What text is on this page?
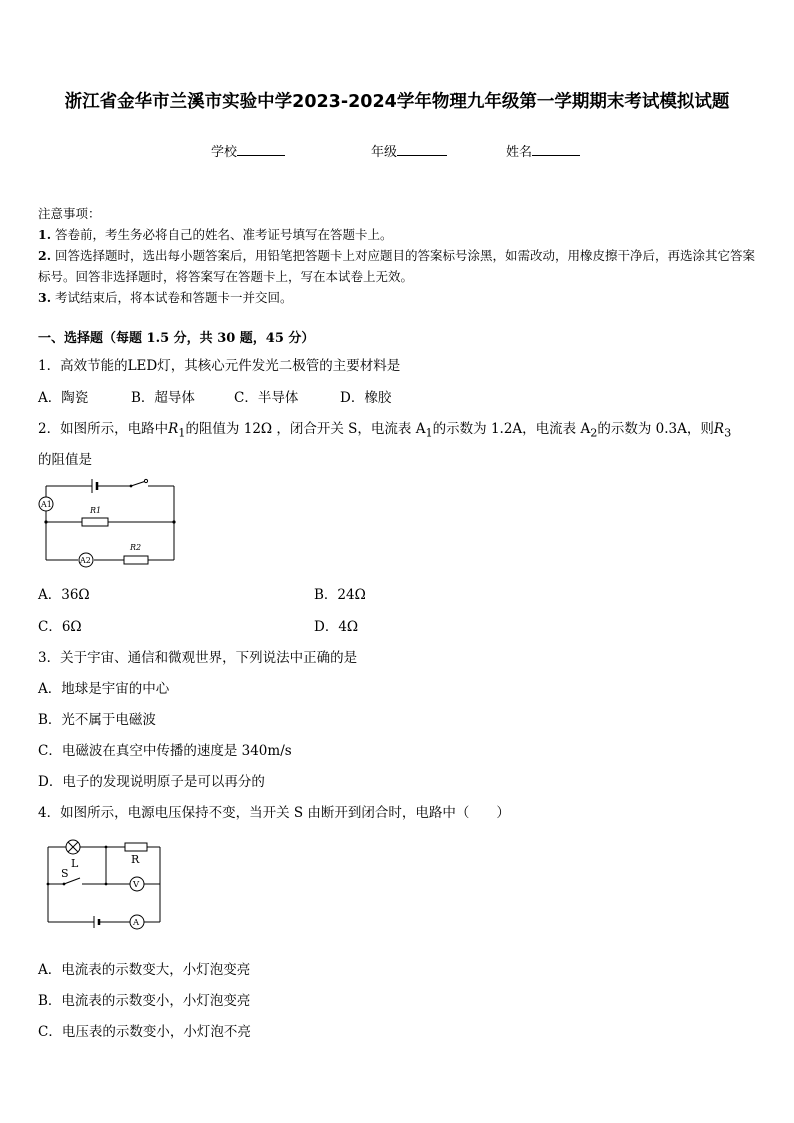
浙江省金华市兰溪市实验中学2023-2024学年物理九年级第一学期期末考试模拟试题
学校	年级	姓名
注意事项：
1. 答卷前，考生务必将自己的姓名、准考证号填写在答题卡上。
2. 回答选择题时，选出每小题答案后，用铅笔把答题卡上对应题目的答案标号涂黑，如需改动，用橡皮擦干净后，再选涂其它答案标号。回答非选择题时，将答案写在答题卡上，写在本试卷上无效。
3. 考试结束后，将本试卷和答题卡一并交回。
一、选择题（每题 1.5 分，共 30 题，45 分）
1．高效节能的LED灯，其核心元件发光二极管的主要材料是
A．陶瓷	B．超导体	C．半导体	D．橡胶
2．如图所示，电路中$R_1$的阻值为 12Ω ，闭合开关 S，电流表 $A_1$的示数为 1.2A，电流表 $A_2$的示数为 0.3A，则$R_3$
的阻值是
A1
A2
R1
R2
A．36Ω	B．24Ω
C．6Ω	D．4Ω
3．关于宇宙、通信和微观世界，下列说法中正确的是
A．地球是宇宙的中心
B．光不属于电磁波
C．电磁波在真空中传播的速度是 340m/s
D．电子的发现说明原子是可以再分的
4．如图所示，电源电压保持不变，当开关 S 由断开到闭合时，电路中（　　）
L	R
S
V
A
A．电流表的示数变大，小灯泡变亮
B．电流表的示数变小，小灯泡变亮
C．电压表的示数变小，小灯泡不亮
